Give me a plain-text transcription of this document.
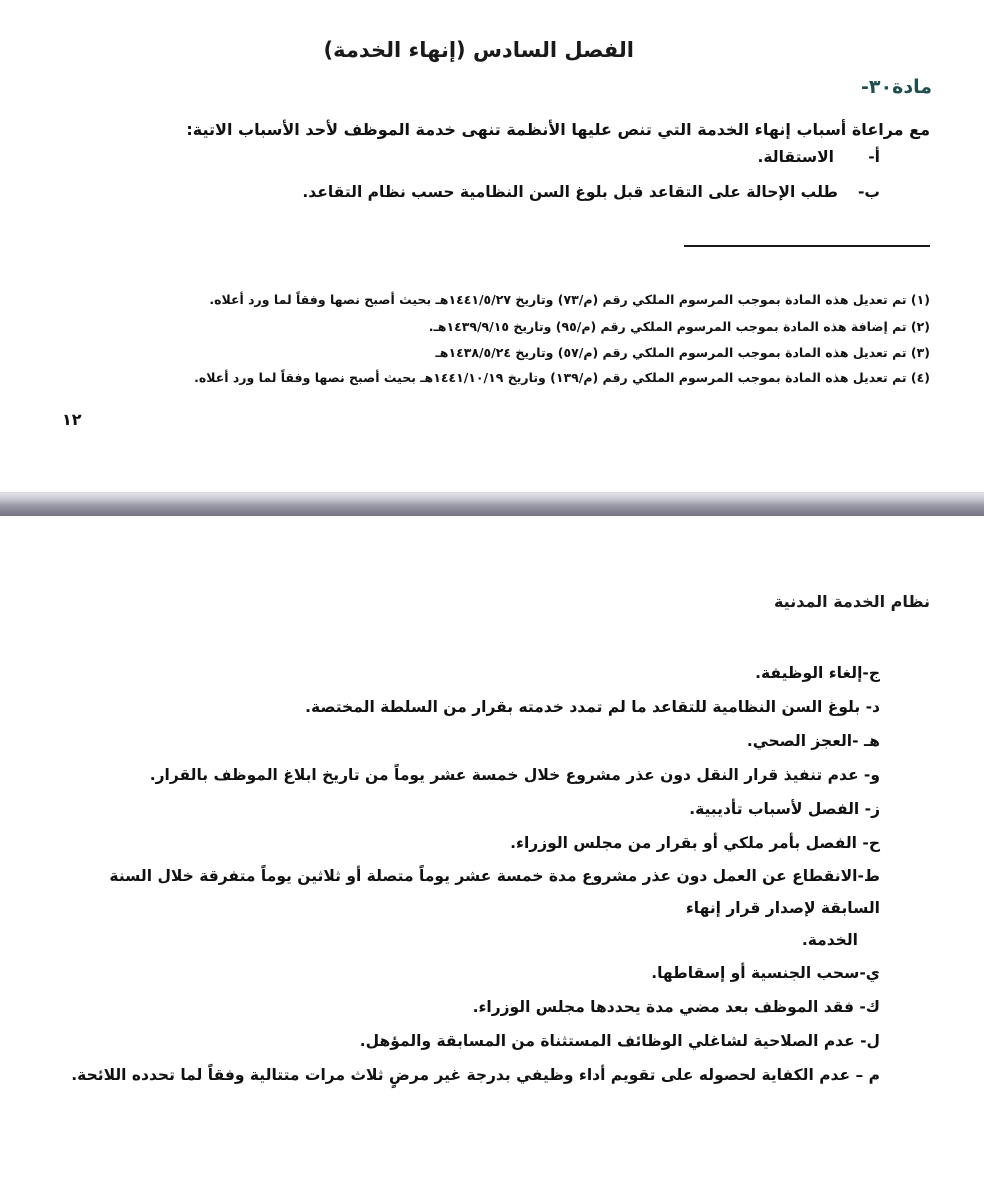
الفصل السادس (إنهاء الخدمة)
مادة٣٠-
مع مراعاة أسباب إنهاء الخدمة التي تنص عليها الأنظمة تنهى خدمة الموظف لأحد الأسباب الاتية:
أ-
الاستقالة.
ب-
طلب الإحالة على التقاعد قبل بلوغ السن النظامية حسب نظام التقاعد.
(١) تم تعديل هذه المادة بموجب المرسوم الملكي رقم (م/٧٣) وتاريخ ١٤٤١/٥/٢٧هـ بحيث أصبح نصها وفقاً لما ورد أعلاه.
(٢) تم إضافة هذه المادة بموجب المرسوم الملكي رقم (م/٩٥) وتاريخ ١٤٣٩/٩/١٥هـ.
(٣) تم تعديل هذه المادة بموجب المرسوم الملكي رقم (م/٥٧) وتاريخ ١٤٣٨/٥/٢٤هـ
(٤) تم تعديل هذه المادة بموجب المرسوم الملكي رقم (م/١٣٩) وتاريخ ١٤٤١/١٠/١٩هـ بحيث أصبح نصها وفقاً لما ورد أعلاه.
١٢
نظام الخدمة المدنية

ج-إلغاء الوظيفة.

د- بلوغ السن النظامية للتقاعد ما لم تمدد خدمته بقرار من السلطة المختصة.

هـ -العجز الصحي.

و- عدم تنفيذ قرار النقل دون عذر مشروع خلال خمسة عشر يوماً من تاريخ ابلاغ الموظف بالقرار.

ز- الفصل لأسباب تأديبية.

ح- الفصل بأمر ملكي أو بقرار من مجلس الوزراء.

ط-الانقطاع عن العمل دون عذر مشروع مدة خمسة عشر يوماً متصلة أو ثلاثين يوماً متفرقة خلال السنة السابقة لإصدار قرار إنهاء
الخدمة.

ي-سحب الجنسية أو إسقاطها.

ك- فقد الموظف بعد مضي مدة يحددها مجلس الوزراء.

ل- عدم الصلاحية لشاغلي الوظائف المستثناة من المسابقة والمؤهل.

م – عدم الكفاية لحصوله على تقويم أداء وظيفي بدرجة غير مرضٍ ثلاث مرات متتالية وفقاً لما تحدده اللائحة.
